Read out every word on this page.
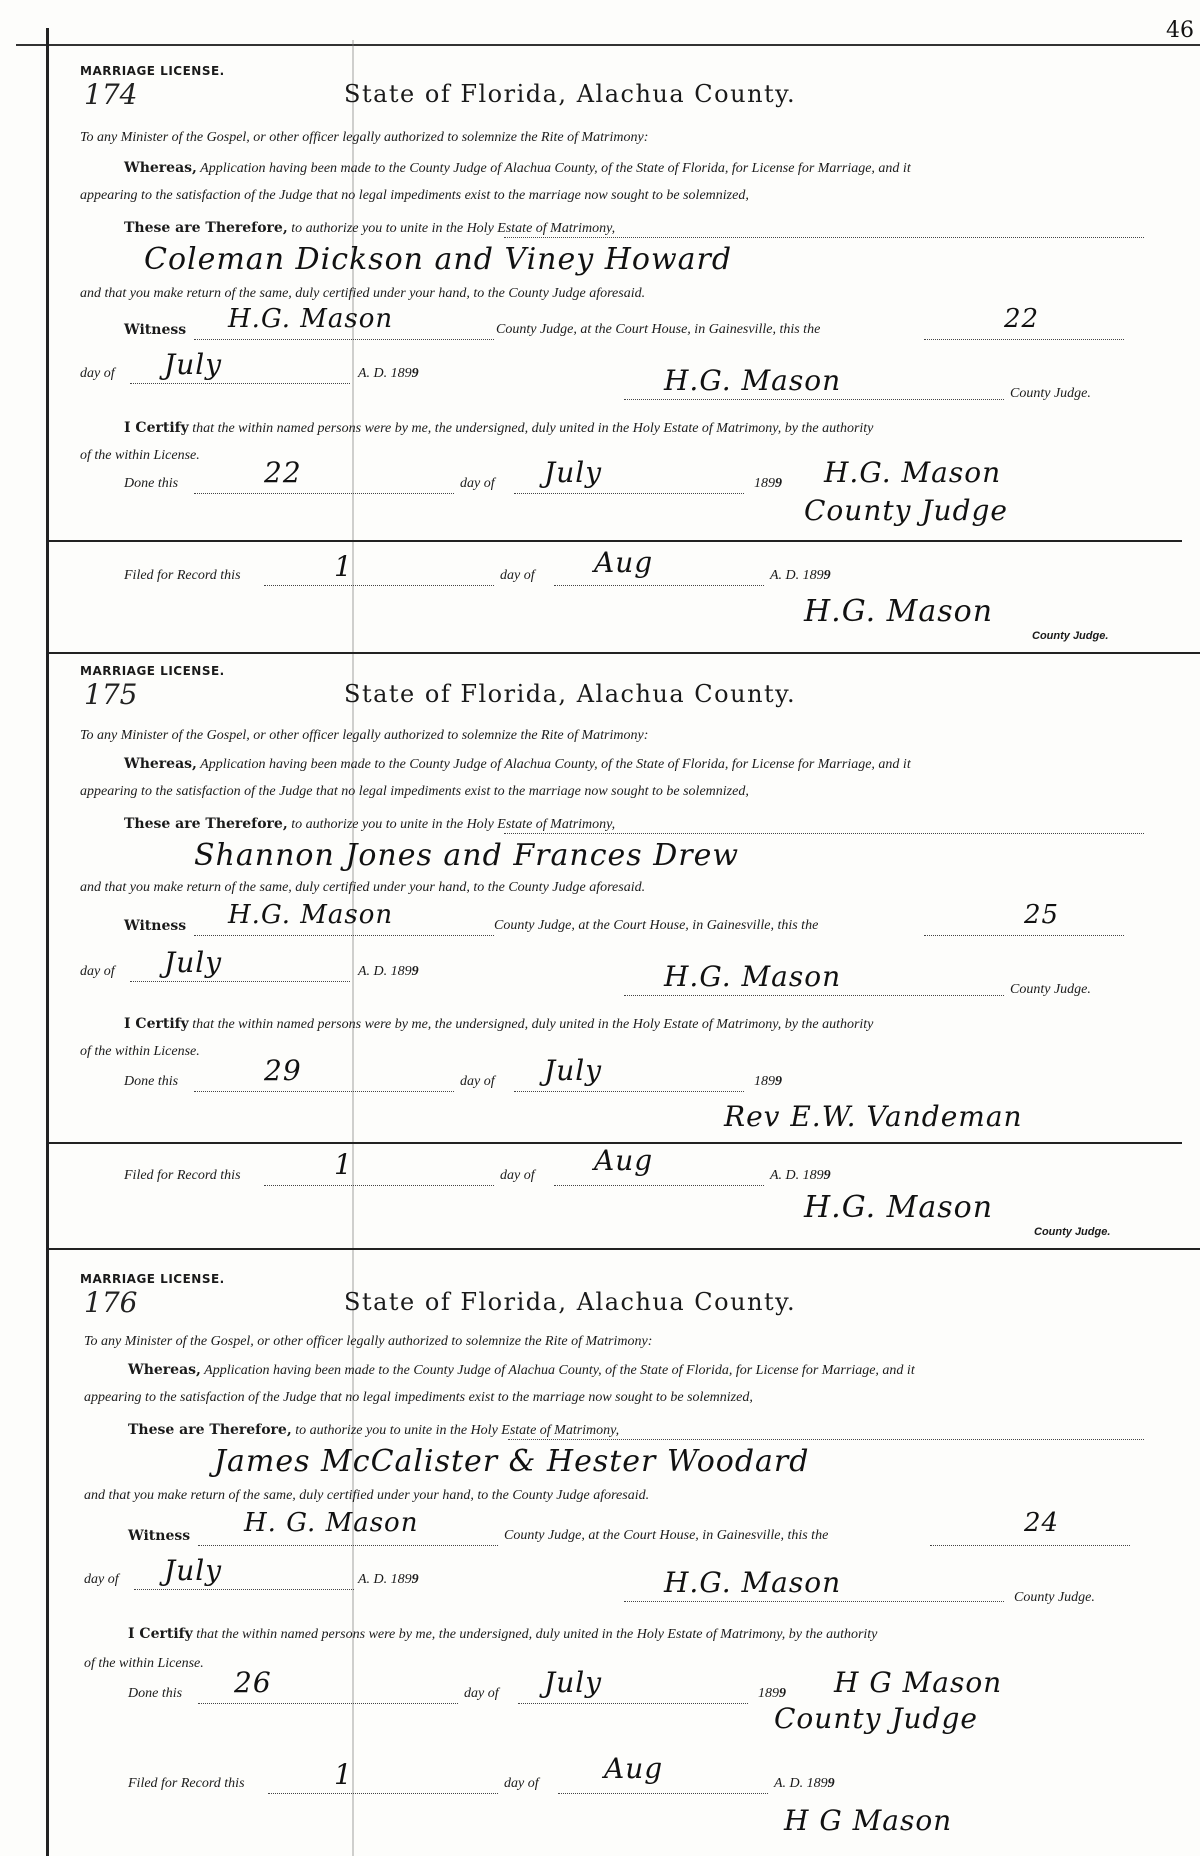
46
MARRIAGE LICENSE.
174	State of Florida, Alachua County.
To any Minister of the Gospel, or other officer legally authorized to solemnize the Rite of Matrimony:
Whereas, Application having been made to the County Judge of Alachua County, of the State of Florida, for License for Marriage, and it
appearing to the satisfaction of the Judge that no legal impediments exist to the marriage now sought to be solemnized,
These are Therefore, to authorize you to unite in the Holy Estate of Matrimony,
Coleman Dickson and Viney Howard
and that you make return of the same, duly certified under your hand, to the County Judge aforesaid.
Witness H.G. Mason	County Judge, at the Court House, in Gainesville, this the	22
day of July	A. D. 1899	H.G. Mason	County Judge.
I Certify that the within named persons were by me, the undersigned, duly united in the Holy Estate of Matrimony, by the authority
of the within License.
Done this	22	day of July	1899 H.G. Mason
County Judge
Filed for Record this	1	day of Aug	A. D. 1899
H.G. Mason
County Judge.
MARRIAGE LICENSE.
175	State of Florida, Alachua County.
To any Minister of the Gospel, or other officer legally authorized to solemnize the Rite of Matrimony:
Whereas, Application having been made to the County Judge of Alachua County, of the State of Florida, for License for Marriage, and it
appearing to the satisfaction of the Judge that no legal impediments exist to the marriage now sought to be solemnized,
These are Therefore, to authorize you to unite in the Holy Estate of Matrimony,
Shannon Jones and Frances Drew
and that you make return of the same, duly certified under your hand, to the County Judge aforesaid.
Witness H.G. Mason	County Judge, at the Court House, in Gainesville, this the	25
day of July	A. D. 1899	H.G. Mason	County Judge.
I Certify that the within named persons were by me, the undersigned, duly united in the Holy Estate of Matrimony, by the authority
of the within License.
Done this	29	day of July	1899
Rev E.W. Vandeman
Filed for Record this	1	day of Aug	A. D. 1899
H.G. Mason
County Judge.
MARRIAGE LICENSE.
176	State of Florida, Alachua County.
To any Minister of the Gospel, or other officer legally authorized to solemnize the Rite of Matrimony:
Whereas, Application having been made to the County Judge of Alachua County, of the State of Florida, for License for Marriage, and it
appearing to the satisfaction of the Judge that no legal impediments exist to the marriage now sought to be solemnized,
These are Therefore, to authorize you to unite in the Holy Estate of Matrimony,
James McCalister & Hester Woodard
and that you make return of the same, duly certified under your hand, to the County Judge aforesaid.
Witness H. G. Mason	County Judge, at the Court House, in Gainesville, this the	24
day of July	A. D. 1899	H.G. Mason	County Judge.
I Certify that the within named persons were by me, the undersigned, duly united in the Holy Estate of Matrimony, by the authority
of the within License.
Done this 26	day of July	1899 H G Mason
County Judge
Filed for Record this	1	day of Aug	A. D. 1899
H G Mason
